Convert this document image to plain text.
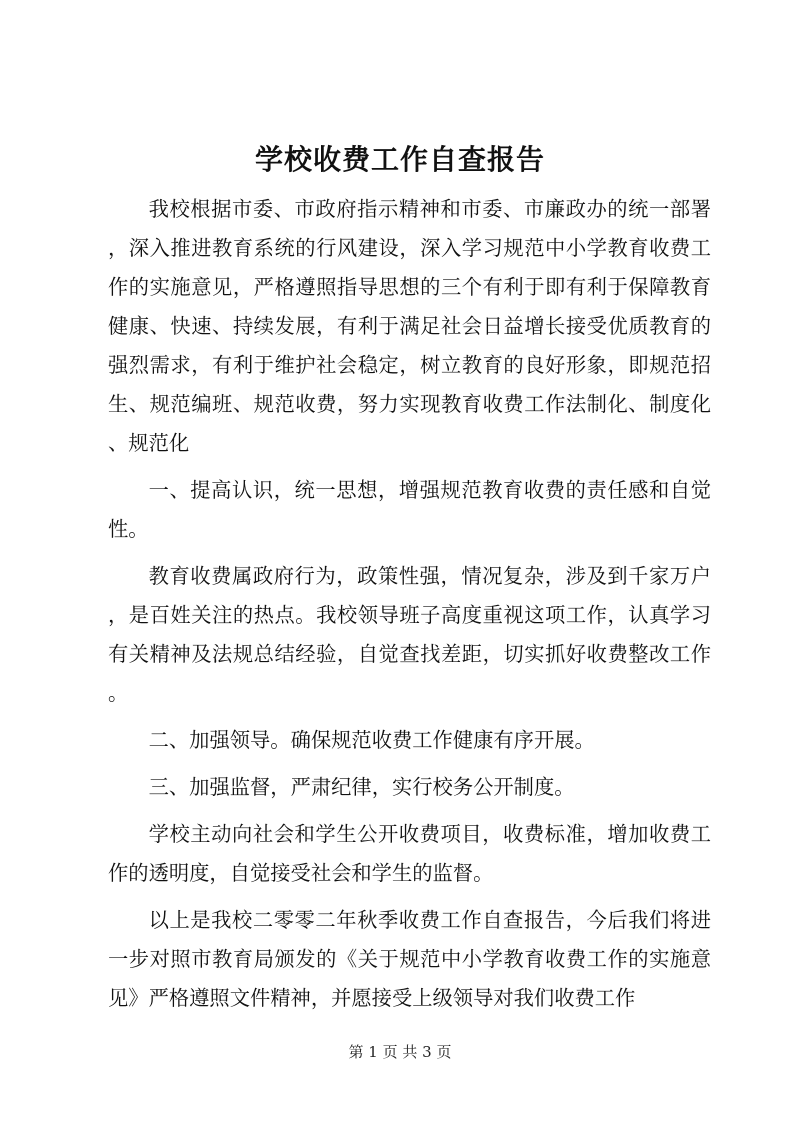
学校收费工作自查报告

我校根据市委、市政府指示精神和市委、市廉政办的统一部署，深入推进教育系统的行风建设，深入学习规范中小学教育收费工作的实施意见，严格遵照指导思想的三个有利于即有利于保障教育健康、快速、持续发展，有利于满足社会日益增长接受优质教育的强烈需求，有利于维护社会稳定，树立教育的良好形象，即规范招生、规范编班、规范收费，努力实现教育收费工作法制化、制度化、规范化

一、提高认识，统一思想，增强规范教育收费的责任感和自觉性。

教育收费属政府行为，政策性强，情况复杂，涉及到千家万户，是百姓关注的热点。我校领导班子高度重视这项工作，认真学习有关精神及法规总结经验，自觉查找差距，切实抓好收费整改工作。

二、加强领导。确保规范收费工作健康有序开展。

三、加强监督，严肃纪律，实行校务公开制度。

学校主动向社会和学生公开收费项目，收费标准，增加收费工作的透明度，自觉接受社会和学生的监督。

以上是我校二零零二年秋季收费工作自查报告，今后我们将进一步对照市教育局颁发的《关于规范中小学教育收费工作的实施意见》严格遵照文件精神，并愿接受上级领导对我们收费工作

第 1 页 共 3 页
